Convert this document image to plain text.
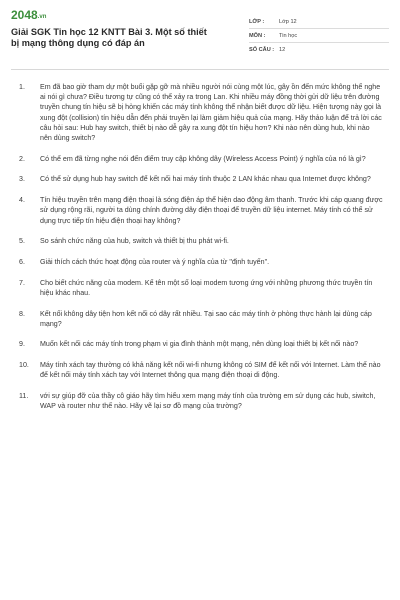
2048.vn
Giải SGK Tin học 12 KNTT Bài 3. Một số thiết bị mạng thông dụng có đáp án
LỚP :	Lớp 12
MÔN :	Tin học
SỐ CÂU : 12
1.	Em đã bao giờ tham dự một buổi gặp gỡ mà nhiều người nói cùng một lúc, gây ồn đến mức không thể nghe ai nói gì chưa? Điều tương tự cũng có thể xảy ra trong Lan. Khi nhiều máy đồng thời gửi dữ liệu trên đường truyền chung tín hiệu sẽ bị hỏng khiến các máy tính không thể nhận biết được dữ liệu. Hiện tượng này gọi là xung đột (collision) tín hiệu dẫn đến phải truyền lại làm giảm hiệu quả của mạng. Hãy thảo luận để trả lời các câu hỏi sau: Hub hay switch, thiết bị nào dễ gây ra xung đột tín hiệu hơn? Khi nào nên dùng hub, khi nào nên dùng switch?
2.	Có thể em đã từng nghe nói đến điểm truy cập không dây (Wireless Access Point) ý nghĩa của nó là gì?
3.	Có thể sử dụng hub hay switch để kết nối hai máy tính thuộc 2 LAN khác nhau qua Internet được không?
4.	Tín hiệu truyền trên mạng điện thoại là sóng điện áp thể hiện dao động âm thanh. Trước khi cáp quang được sử dụng rộng rãi, người ta dùng chính đường dây điện thoại để truyền dữ liệu internet. Máy tính có thể sử dụng trực tiếp tín hiệu điện thoại hay không?
5.	So sánh chức năng của hub, switch và thiết bị thu phát wi-fi.
6.	Giải thích cách thức hoạt động của router và ý nghĩa của từ "định tuyến".
7.	Cho biết chức năng của modem. Kể tên một số loại modem tương ứng với những phương thức truyền tín hiệu khác nhau.
8.	Kết nối không dây tiện hơn kết nối có dây rất nhiều. Tại sao các máy tính ở phòng thực hành lại dùng cáp mạng?
9.	Muốn kết nối các máy tính trong phạm vi gia đình thành một mạng, nên dùng loại thiết bị kết nối nào?
10.	Máy tính xách tay thường có khả năng kết nối wi-fi nhưng không có SIM để kết nối với Internet. Làm thế nào để kết nối máy tính xách tay với Internet thông qua mạng điện thoại di động.
11.	với sự giúp đỡ của thầy cô giáo hãy tìm hiểu xem mạng máy tính của trường em sử dụng các hub, siwitch, WAP và router như thế nào. Hãy vẽ lại sơ đồ mạng của trường?
